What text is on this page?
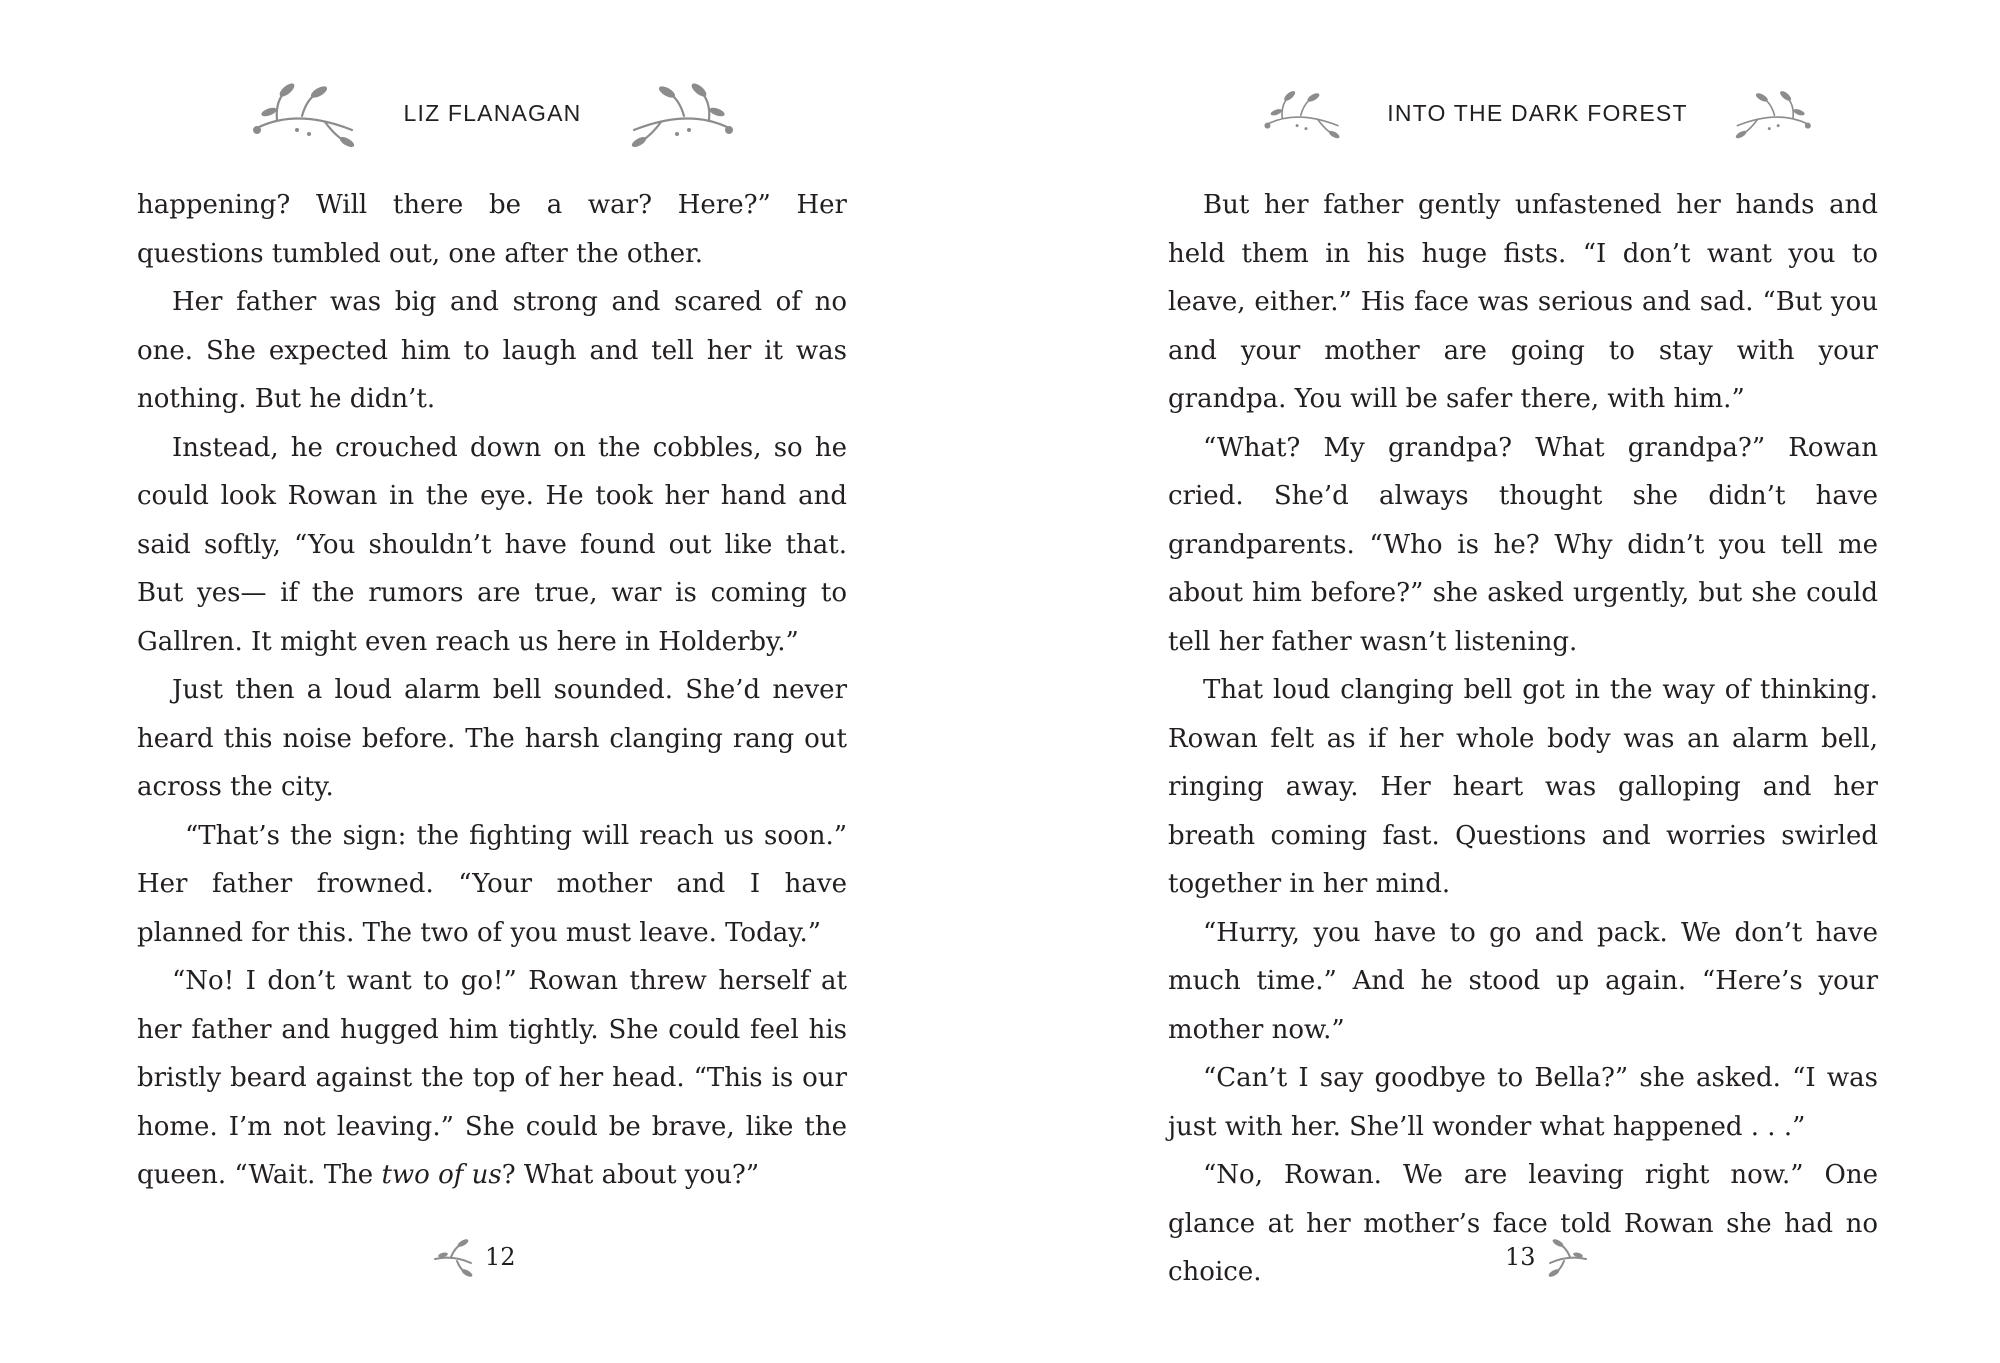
LIZ FLANAGAN

happening? Will there be a war? Here?” Her questions tumbled out, one after the other.

Her father was big and strong and scared of no one. She expected him to laugh and tell her it was nothing. But he didn’t.

Instead, he crouched down on the cobbles, so he could look Rowan in the eye. He took her hand and said softly, “You shouldn’t have found out like that. But yes— if the rumors are true, war is coming to Gallren. It might even reach us here in Holderby.”

Just then a loud alarm bell sounded. She’d never heard this noise before. The harsh clanging rang out across the city.

“That’s the sign: the fighting will reach us soon.” Her father frowned. “Your mother and I have planned for this. The two of you must leave. Today.”

“No! I don’t want to go!” Rowan threw herself at her father and hugged him tightly. She could feel his bristly beard against the top of her head. “This is our home. I’m not leaving.” She could be brave, like the queen. “Wait. The two of us? What about you?”

12
INTO THE DARK FOREST

But her father gently unfastened her hands and held them in his huge fists. “I don’t want you to leave, either.” His face was serious and sad. “But you and your mother are going to stay with your grandpa. You will be safer there, with him.”

“What? My grandpa? What grandpa?” Rowan cried. She’d always thought she didn’t have grandparents. “Who is he? Why didn’t you tell me about him before?” she asked urgently, but she could tell her father wasn’t listening.

That loud clanging bell got in the way of thinking. Rowan felt as if her whole body was an alarm bell, ringing away. Her heart was galloping and her breath coming fast. Questions and worries swirled together in her mind.

“Hurry, you have to go and pack. We don’t have much time.” And he stood up again. “Here’s your mother now.”

“Can’t I say goodbye to Bella?” she asked. “I was just with her. She’ll wonder what happened . . .”

“No, Rowan. We are leaving right now.” One glance at her mother’s face told Rowan she had no choice.	13
